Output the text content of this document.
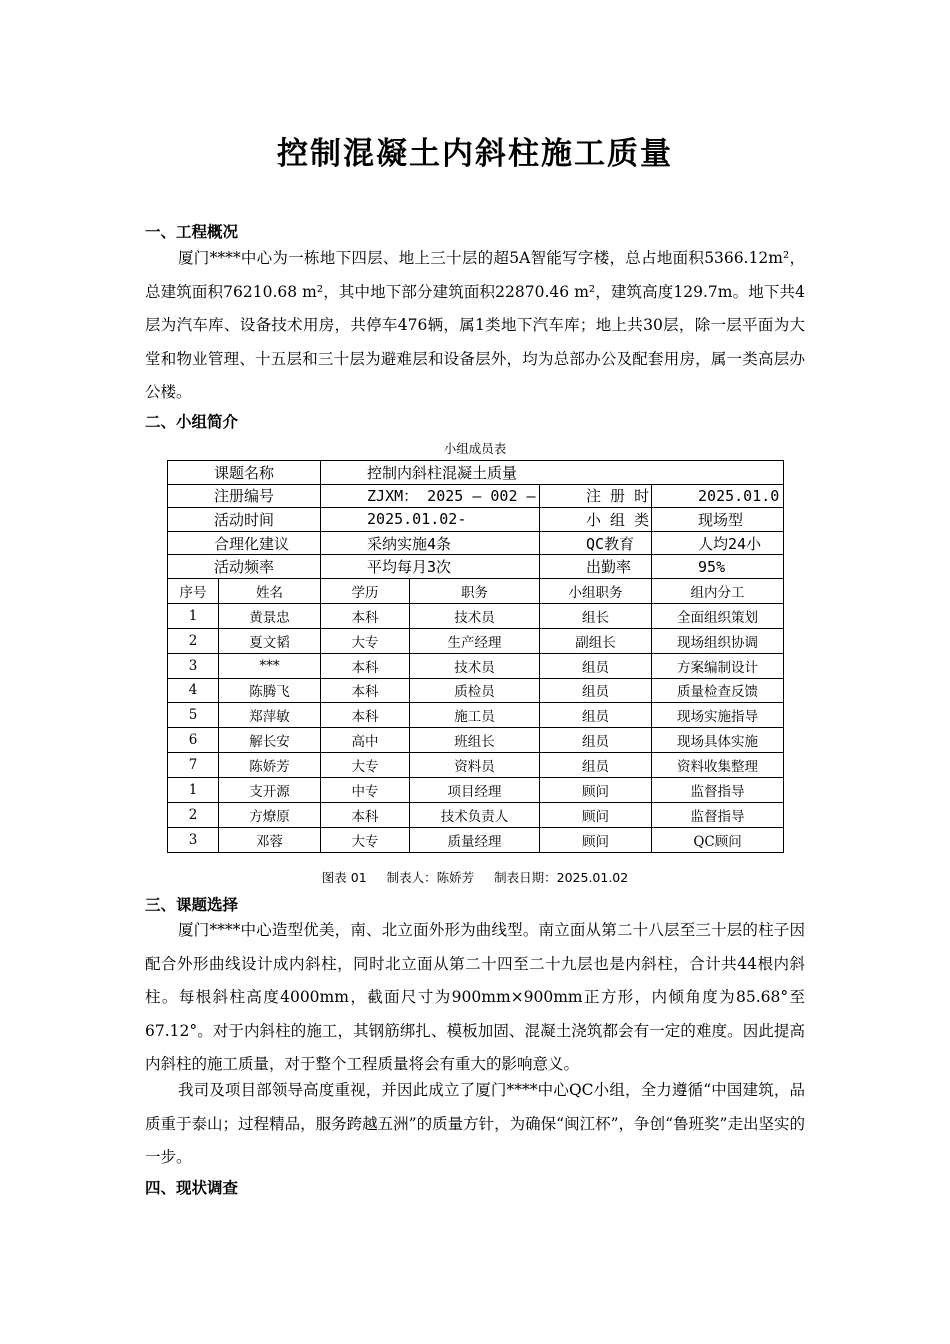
控制混凝土内斜柱施工质量
一、工程概况

厦门****中心为一栋地下四层、地上三十层的超5A智能写字楼，总占地面积5366.12m²，总建筑面积76210.68 m²，其中地下部分建筑面积22870.46 m²，建筑高度129.7m。地下共4层为汽车库、设备技术用房，共停车476辆，属1类地下汽车库；地上共30层，除一层平面为大堂和物业管理、十五层和三十层为避难层和设备层外，均为总部办公及配套用房，属一类高层办公楼。

二、小组简介
小组成员表
课题名称		控制内斜柱混凝土质量			
注册编号		ZJXM： 2025 — 002 —		注 册 时	2025.01.0
活动时间		2025.01.02-		小 组 类	现场型
合理化建议		采纳实施4条		QC教育	人均24小
活动频率		平均每月3次		出勤率	95%
序号	姓名	学历	职务	小组职务	组内分工
1	黄景忠	本科	技术员	组长	全面组织策划
2	夏文韬	大专	生产经理	副组长	现场组织协调
3	***	本科	技术员	组员	方案编制设计
4	陈腾飞	本科	质检员	组员	质量检查反馈
5	郑萍敏	本科	施工员	组员	现场实施指导
6	解长安	高中	班组长	组员	现场具体实施
7	陈娇芳	大专	资料员	组员	资料收集整理
1	支开源	中专	项目经理	顾问	监督指导
2	方燎原	本科	技术负责人	顾问	监督指导
3	邓蓉	大专	质量经理	顾问	QC顾问
图表 01 制表人：陈娇芳 制表日期：2025.01.02
三、课题选择

厦门****中心造型优美，南、北立面外形为曲线型。南立面从第二十八层至三十层的柱子因配合外形曲线设计成内斜柱，同时北立面从第二十四至二十九层也是内斜柱，合计共44根内斜柱。每根斜柱高度4000mm，截面尺寸为900mm×900mm正方形，内倾角度为85.68°至67.12°。对于内斜柱的施工，其钢筋绑扎、模板加固、混凝土浇筑都会有一定的难度。因此提高内斜柱的施工质量，对于整个工程质量将会有重大的影响意义。

我司及项目部领导高度重视，并因此成立了厦门****中心QC小组，全力遵循“中国建筑，品质重于泰山；过程精品，服务跨越五洲”的质量方针，为确保“闽江杯”，争创“鲁班奖”走出坚实的一步。

四、现状调查
